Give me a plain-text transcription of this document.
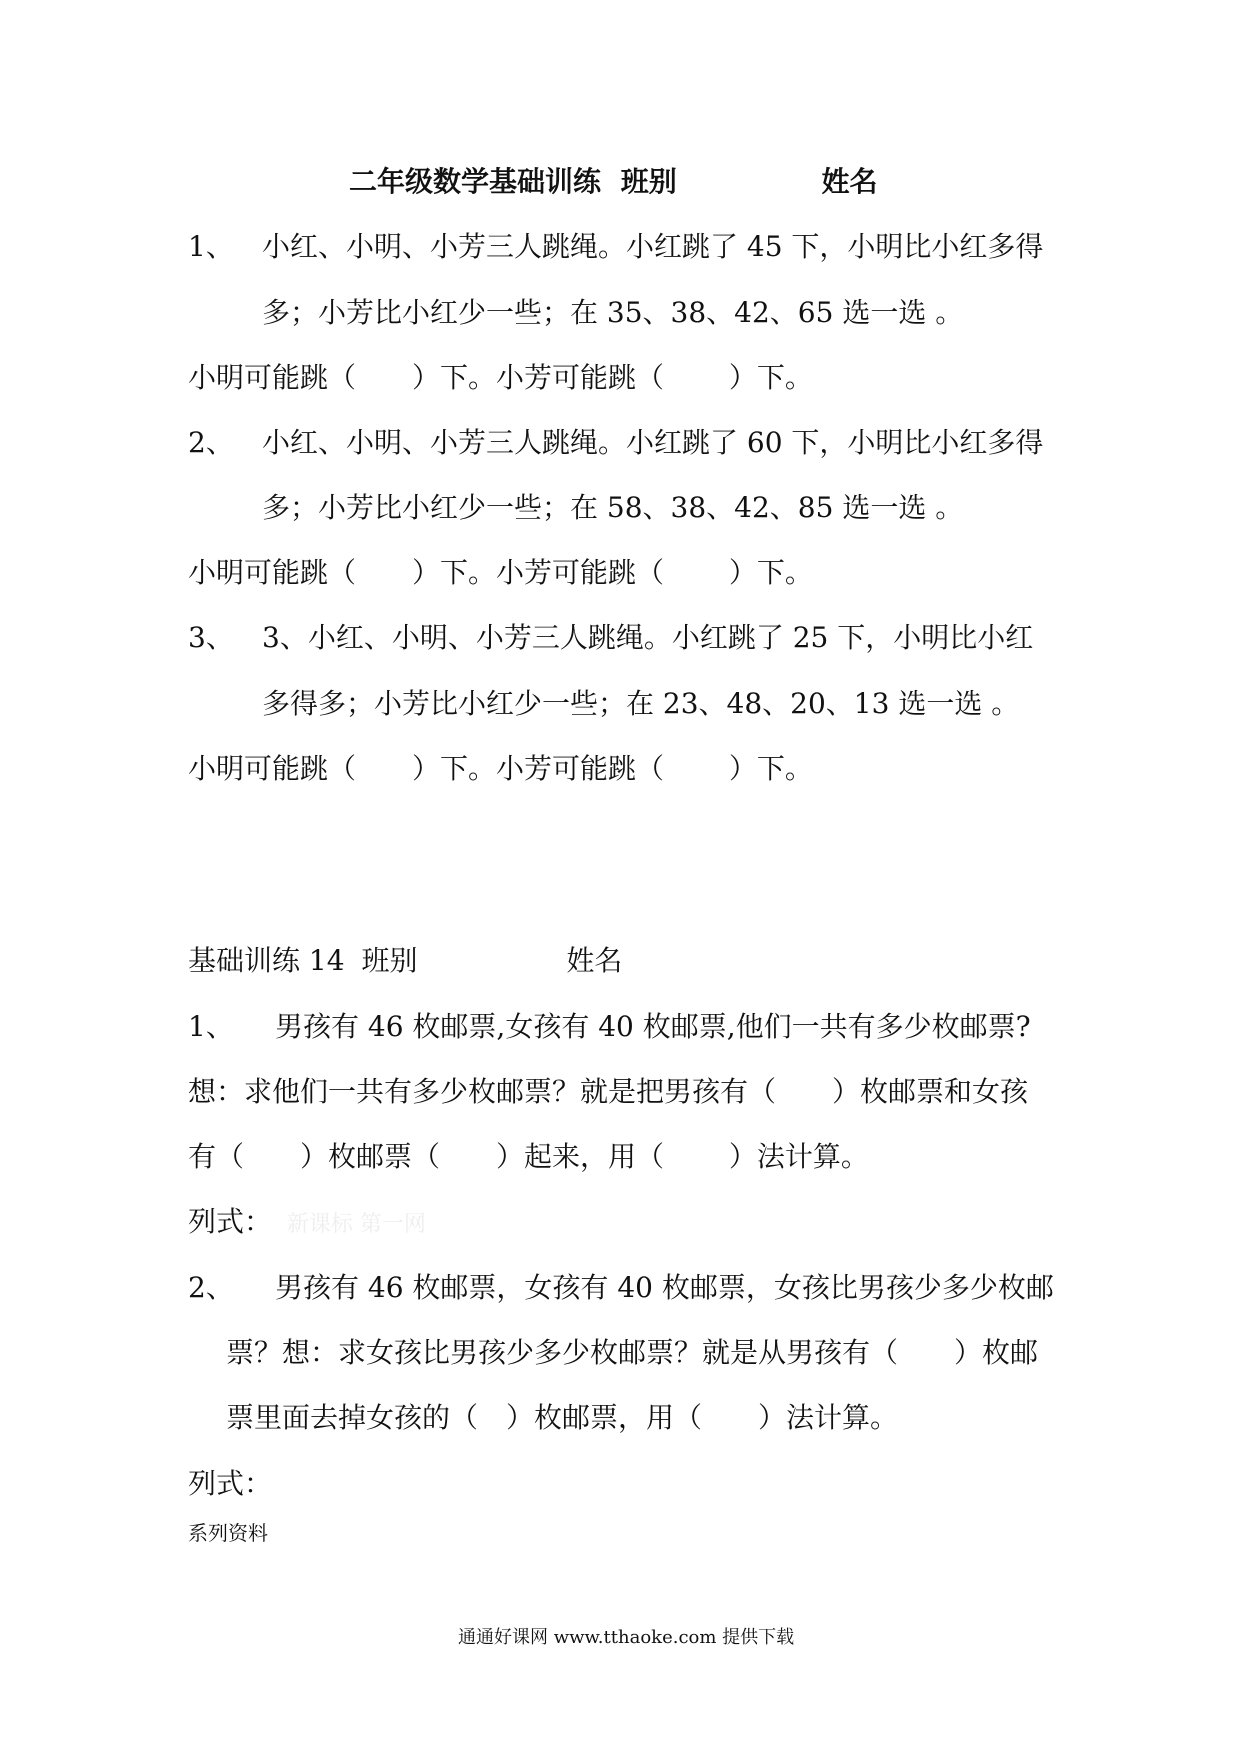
二年级数学基础训练 班别	姓名
1、 小红、小明、小芳三人跳绳。小红跳了 45 下，小明比小红多得
多；小芳比小红少一些；在 35、38、42、65 选一选 。
小明可能跳（　　）下。小芳可能跳（　　 ）下。
2、 小红、小明、小芳三人跳绳。小红跳了 60 下，小明比小红多得
多；小芳比小红少一些；在 58、38、42、85 选一选 。
小明可能跳（　　）下。小芳可能跳（　　 ）下。
3、 3、小红、小明、小芳三人跳绳。小红跳了 25 下，小明比小红
多得多；小芳比小红少一些；在 23、48、20、13 选一选 。
小明可能跳（　　）下。小芳可能跳（　　 ）下。
基础训练 14 班别	姓名
1、 男孩有 46 枚邮票,女孩有 40 枚邮票,他们一共有多少枚邮票?
想：求他们一共有多少枚邮票？就是把男孩有（　　）枚邮票和女孩
有（　　）枚邮票（　　）起来，用（　　 ）法计算。
列式： 新课标 第一网
2、 男孩有 46 枚邮票，女孩有 40 枚邮票，女孩比男孩少多少枚邮
票？想：求女孩比男孩少多少枚邮票？就是从男孩有（　　）枚邮
票里面去掉女孩的（　）枚邮票，用（　　）法计算。
列式：
系列资料
通通好课网 www.tthaoke.com 提供下载
